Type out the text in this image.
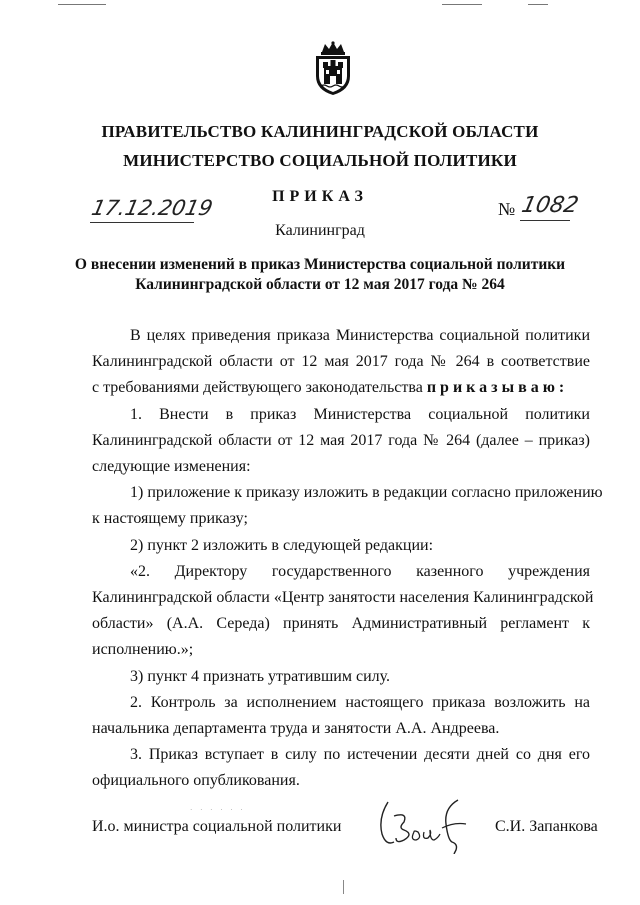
ПРАВИТЕЛЬСТВО КАЛИНИНГРАДСКОЙ ОБЛАСТИ
МИНИСТЕРСТВО СОЦИАЛЬНОЙ ПОЛИТИКИ
ПРИКАЗ
17.12.2019	№ 1082
Калининград
О внесении изменений в приказ Министерства социальной политики
Калининградской области от 12 мая 2017 года № 264
В целях приведения приказа Министерства социальной политики
Калининградской области от 12 мая 2017 года № 264 в соответствие
с требованиями действующего законодательства приказываю:
1. Внести в приказ Министерства социальной политики
Калининградской области от 12 мая 2017 года № 264 (далее – приказ)
следующие изменения:
1) приложение к приказу изложить в редакции согласно приложению
к настоящему приказу;
2) пункт 2 изложить в следующей редакции:
«2. Директору государственного казенного учреждения
Калининградской области «Центр занятости населения Калининградской
области» (А.А. Середа) принять Административный регламент к
исполнению.»;
3) пункт 4 признать утратившим силу.
2. Контроль за исполнением настоящего приказа возложить на
начальника департамента труда и занятости А.А. Андреева.
3. Приказ вступает в силу по истечении десяти дней со дня его
официального опубликования.
· · · · · ·
И.о. министра социальной политики	С.И. Запанкова
